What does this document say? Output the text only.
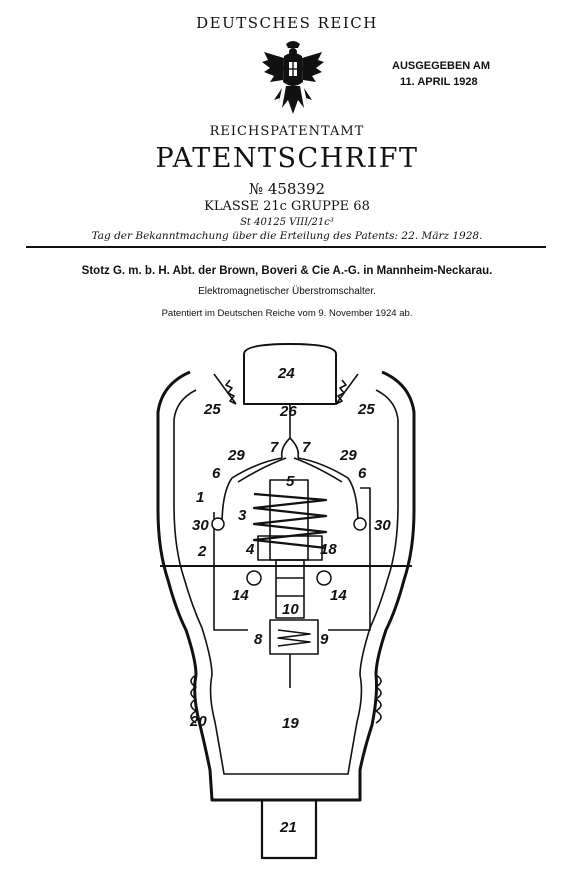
DEUTSCHES REICH
AUSGEGEBEN AM
11. APRIL 1928
REICHSPATENTAMT
PATENTSCHRIFT
№ 458392
KLASSE 21c GRUPPE 68
St 40125 VIII/21c³
Tag der Bekanntmachung über die Erteilung des Patents: 22. März 1928.
Stotz G. m. b. H. Abt. der Brown, Boveri & Cie A.-G. in Mannheim-Neckarau.
Elektromagnetischer Überstromschalter.
Patentiert im Deutschen Reiche vom 9. November 1924 ab.
24
25	25
26
7 7
29	29
6	6
5
1
3
30	30
2	4	18
14	14
10
8	9
20	19
21
